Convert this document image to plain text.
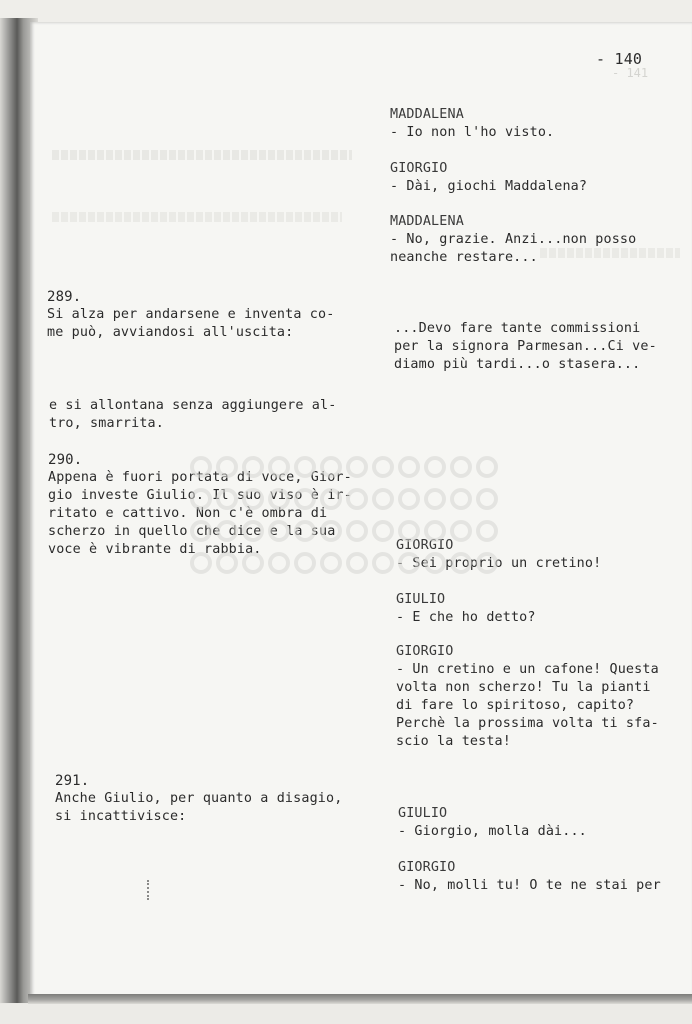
- 141
- 140
MADDALENA
- Io non l'ho visto.
GIORGIO
- Dài, giochi Maddalena?
MADDALENA
- No, grazie. Anzi...non posso
neanche restare...
...Devo fare tante commissioni
per la signora Parmesan...Ci ve-
diamo più tardi...o stasera...
GIORGIO
- Sei proprio un cretino!
GIULIO
- E che ho detto?
GIORGIO
- Un cretino e un cafone! Questa
volta non scherzo! Tu la pianti
di fare lo spiritoso, capito?
Perchè la prossima volta ti sfa-
scio la testa!
GIULIO
- Giorgio, molla dài...
GIORGIO
- No, molli tu! O te ne stai per
289.
Si alza per andarsene e inventa co-
me può, avviandosi all'uscita:
e si allontana senza aggiungere al-
tro, smarrita.
290.
Appena è fuori portata di voce, Gior-
gio investe Giulio. Il suo viso è ir-
ritato e cattivo. Non c'è ombra di
scherzo in quello che dice e la sua
voce è vibrante di rabbia.
291.
Anche Giulio, per quanto a disagio,
si incattivisce:
